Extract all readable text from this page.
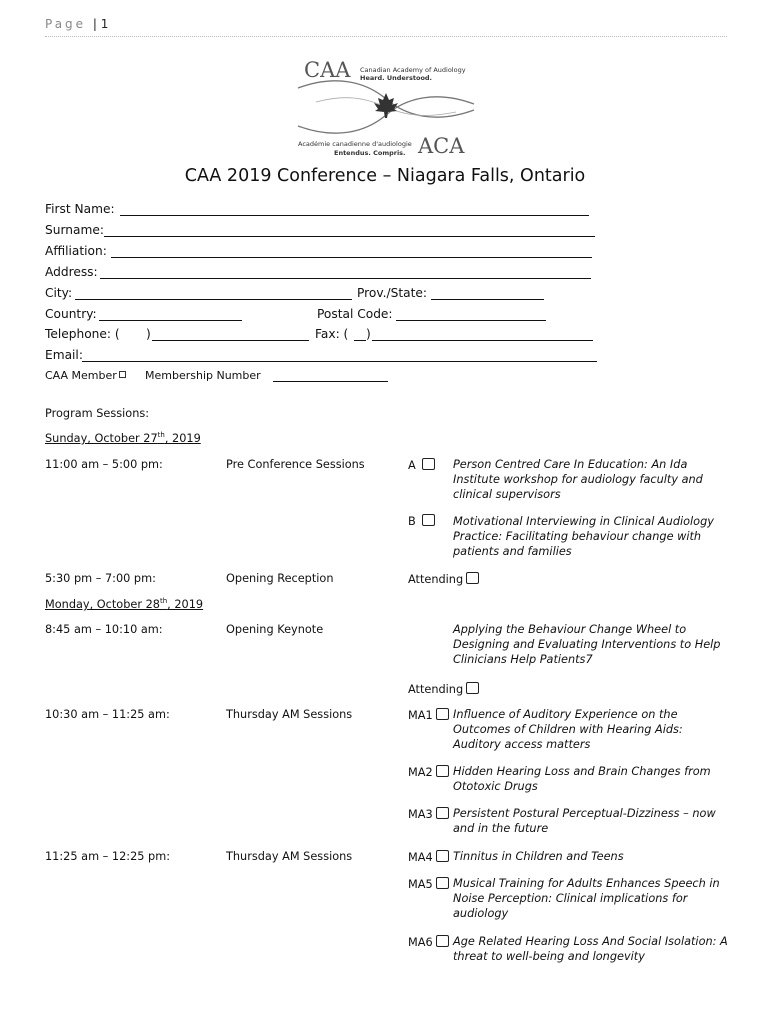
Page | 1
CAA Canadian Academy of Audiology
Heard. Understood.
Académie canadienne d'audiologie
Entendus. Compris. ACA
CAA 2019 Conference – Niagara Falls, Ontario
First Name:
Surname:
Affiliation:
Address:
City:	Prov./State:
Country:	Postal Code:
Telephone: ( )	Fax: ( )
Email:
CAA Member	Membership Number
Program Sessions:
Sunday, October 27th, 2019
11:00 am – 5:00 pm:	Pre Conference Sessions	A	Person Centred Care In Education: An Ida Institute workshop for audiology faculty and clinical supervisors
B	Motivational Interviewing in Clinical Audiology Practice: Facilitating behaviour change with patients and families
5:30 pm – 7:00 pm:	Opening Reception	Attending
Monday, October 28th, 2019
8:45 am – 10:10 am:	Opening Keynote	Applying the Behaviour Change Wheel to Designing and Evaluating Interventions to Help Clinicians Help Patients7
Attending
10:30 am – 11:25 am:	Thursday AM Sessions	MA1	Influence of Auditory Experience on the Outcomes of Children with Hearing Aids: Auditory access matters
MA2	Hidden Hearing Loss and Brain Changes from Ototoxic Drugs
MA3	Persistent Postural Perceptual-Dizziness – now and in the future
11:25 am – 12:25 pm:	Thursday AM Sessions	MA4	Tinnitus in Children and Teens
MA5	Musical Training for Adults Enhances Speech in Noise Perception: Clinical implications for audiology
MA6	Age Related Hearing Loss And Social Isolation: A threat to well-being and longevity
